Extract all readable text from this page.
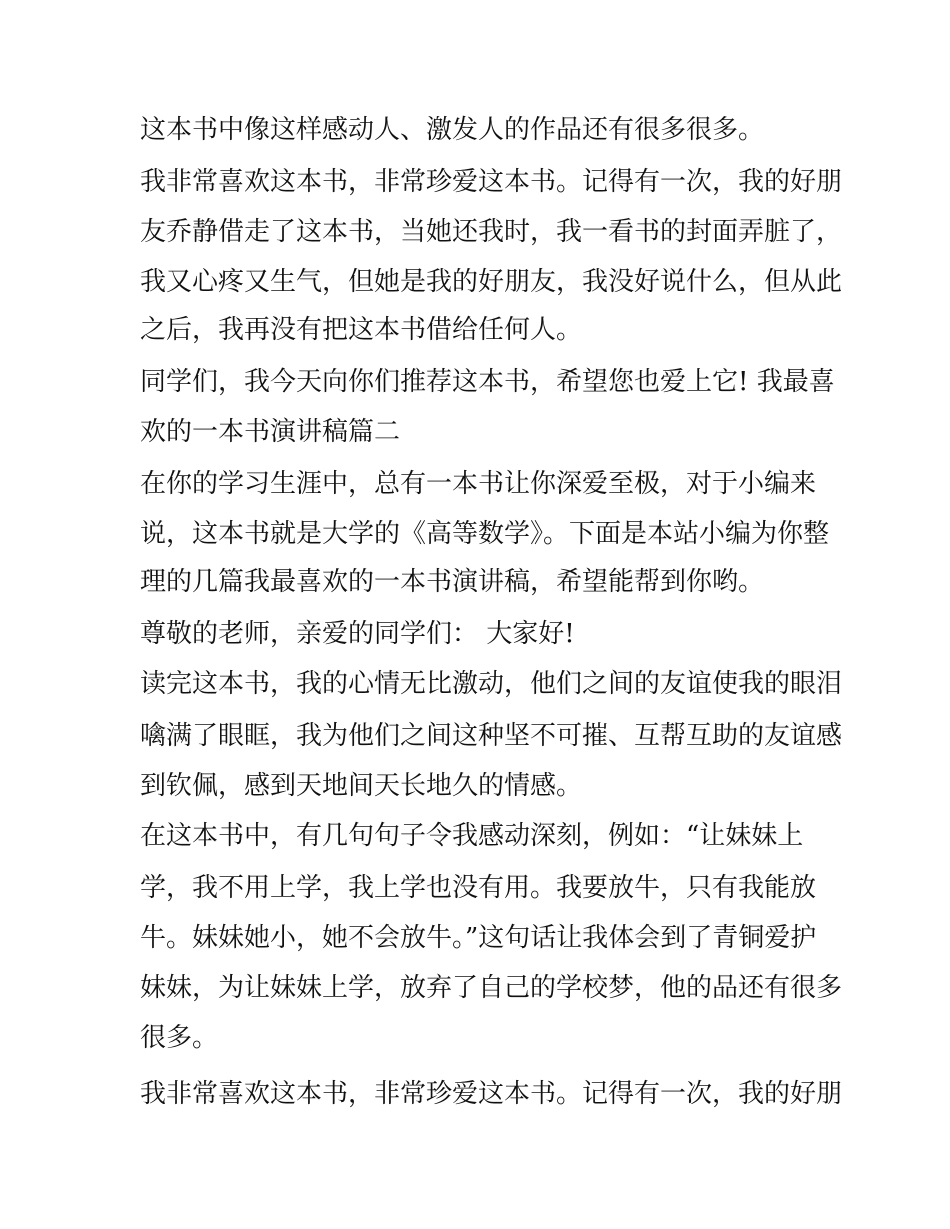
这本书中像这样感动人、激发人的作品还有很多很多。
我非常喜欢这本书，非常珍爱这本书。记得有一次，我的好朋
友乔静借走了这本书，当她还我时，我一看书的封面弄脏了，
我又心疼又生气，但她是我的好朋友，我没好说什么，但从此
之后，我再没有把这本书借给任何人。
同学们，我今天向你们推荐这本书，希望您也爱上它! 我最喜
欢的一本书演讲稿篇二
在你的学习生涯中，总有一本书让你深爱至极，对于小编来
说，这本书就是大学的《高等数学》。下面是本站小编为你整
理的几篇我最喜欢的一本书演讲稿，希望能帮到你哟。
尊敬的老师，亲爱的同学们： 大家好!
读完这本书，我的心情无比激动，他们之间的友谊使我的眼泪
噙满了眼眶，我为他们之间这种坚不可摧、互帮互助的友谊感
到钦佩，感到天地间天长地久的情感。
在这本书中，有几句句子令我感动深刻，例如：“让妹妹上
学，我不用上学，我上学也没有用。我要放牛，只有我能放
牛。妹妹她小，她不会放牛。”这句话让我体会到了青铜爱护
妹妹，为让妹妹上学，放弃了自己的学校梦，他的品还有很多
很多。
我非常喜欢这本书，非常珍爱这本书。记得有一次，我的好朋
